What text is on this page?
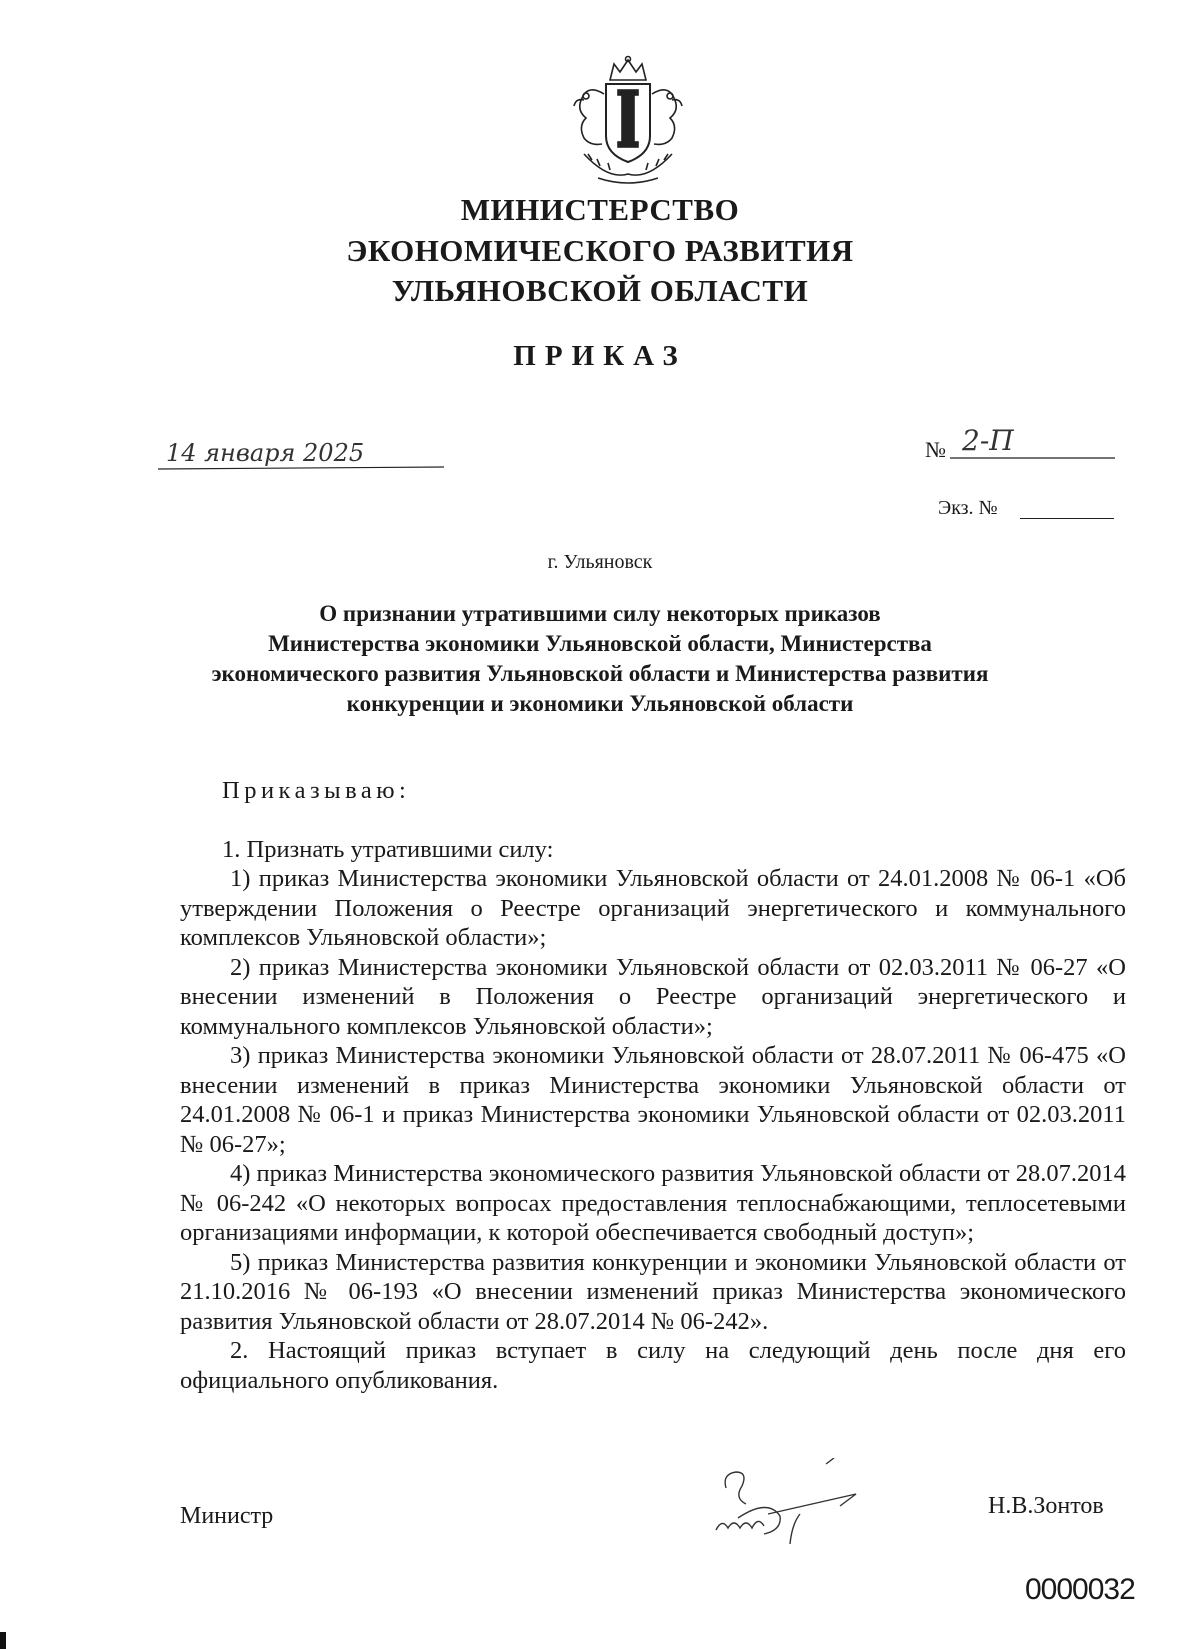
МИНИСТЕРСТВО
ЭКОНОМИЧЕСКОГО РАЗВИТИЯ
УЛЬЯНОВСКОЙ ОБЛАСТИ
ПРИКАЗ
14 января 2025	№ 2-П
Экз. №
г. Ульяновск
О признании утратившими силу некоторых приказов
Министерства экономики Ульяновской области, Министерства
экономического развития Ульяновской области и Министерства развития
конкуренции и экономики Ульяновской области

Приказываю:

1. Признать утратившими силу:

1) приказ Министерства экономики Ульяновской области от 24.01.2008 № 06-1 «Об утверждении Положения о Реестре организаций энергетического и коммунального комплексов Ульяновской области»;

2) приказ Министерства экономики Ульяновской области от 02.03.2011 № 06-27 «О внесении изменений в Положения о Реестре организаций энергетического и коммунального комплексов Ульяновской области»;

3) приказ Министерства экономики Ульяновской области от 28.07.2011 № 06-475 «О внесении изменений в приказ Министерства экономики Ульяновской области от 24.01.2008 № 06-1 и приказ Министерства экономики Ульяновской области от 02.03.2011 № 06-27»;

4) приказ Министерства экономического развития Ульяновской области от 28.07.2014 № 06-242 «О некоторых вопросах предоставления теплоснабжающими, теплосетевыми организациями информации, к которой обеспечивается свободный доступ»;

5) приказ Министерства развития конкуренции и экономики Ульяновской области от 21.10.2016 № 06-193 «О внесении изменений приказ Министерства экономического развития Ульяновской области от 28.07.2014 № 06-242».

2. Настоящий приказ вступает в силу на следующий день после дня его официального опубликования.

Министр	Н.В.Зонтов
0000032
